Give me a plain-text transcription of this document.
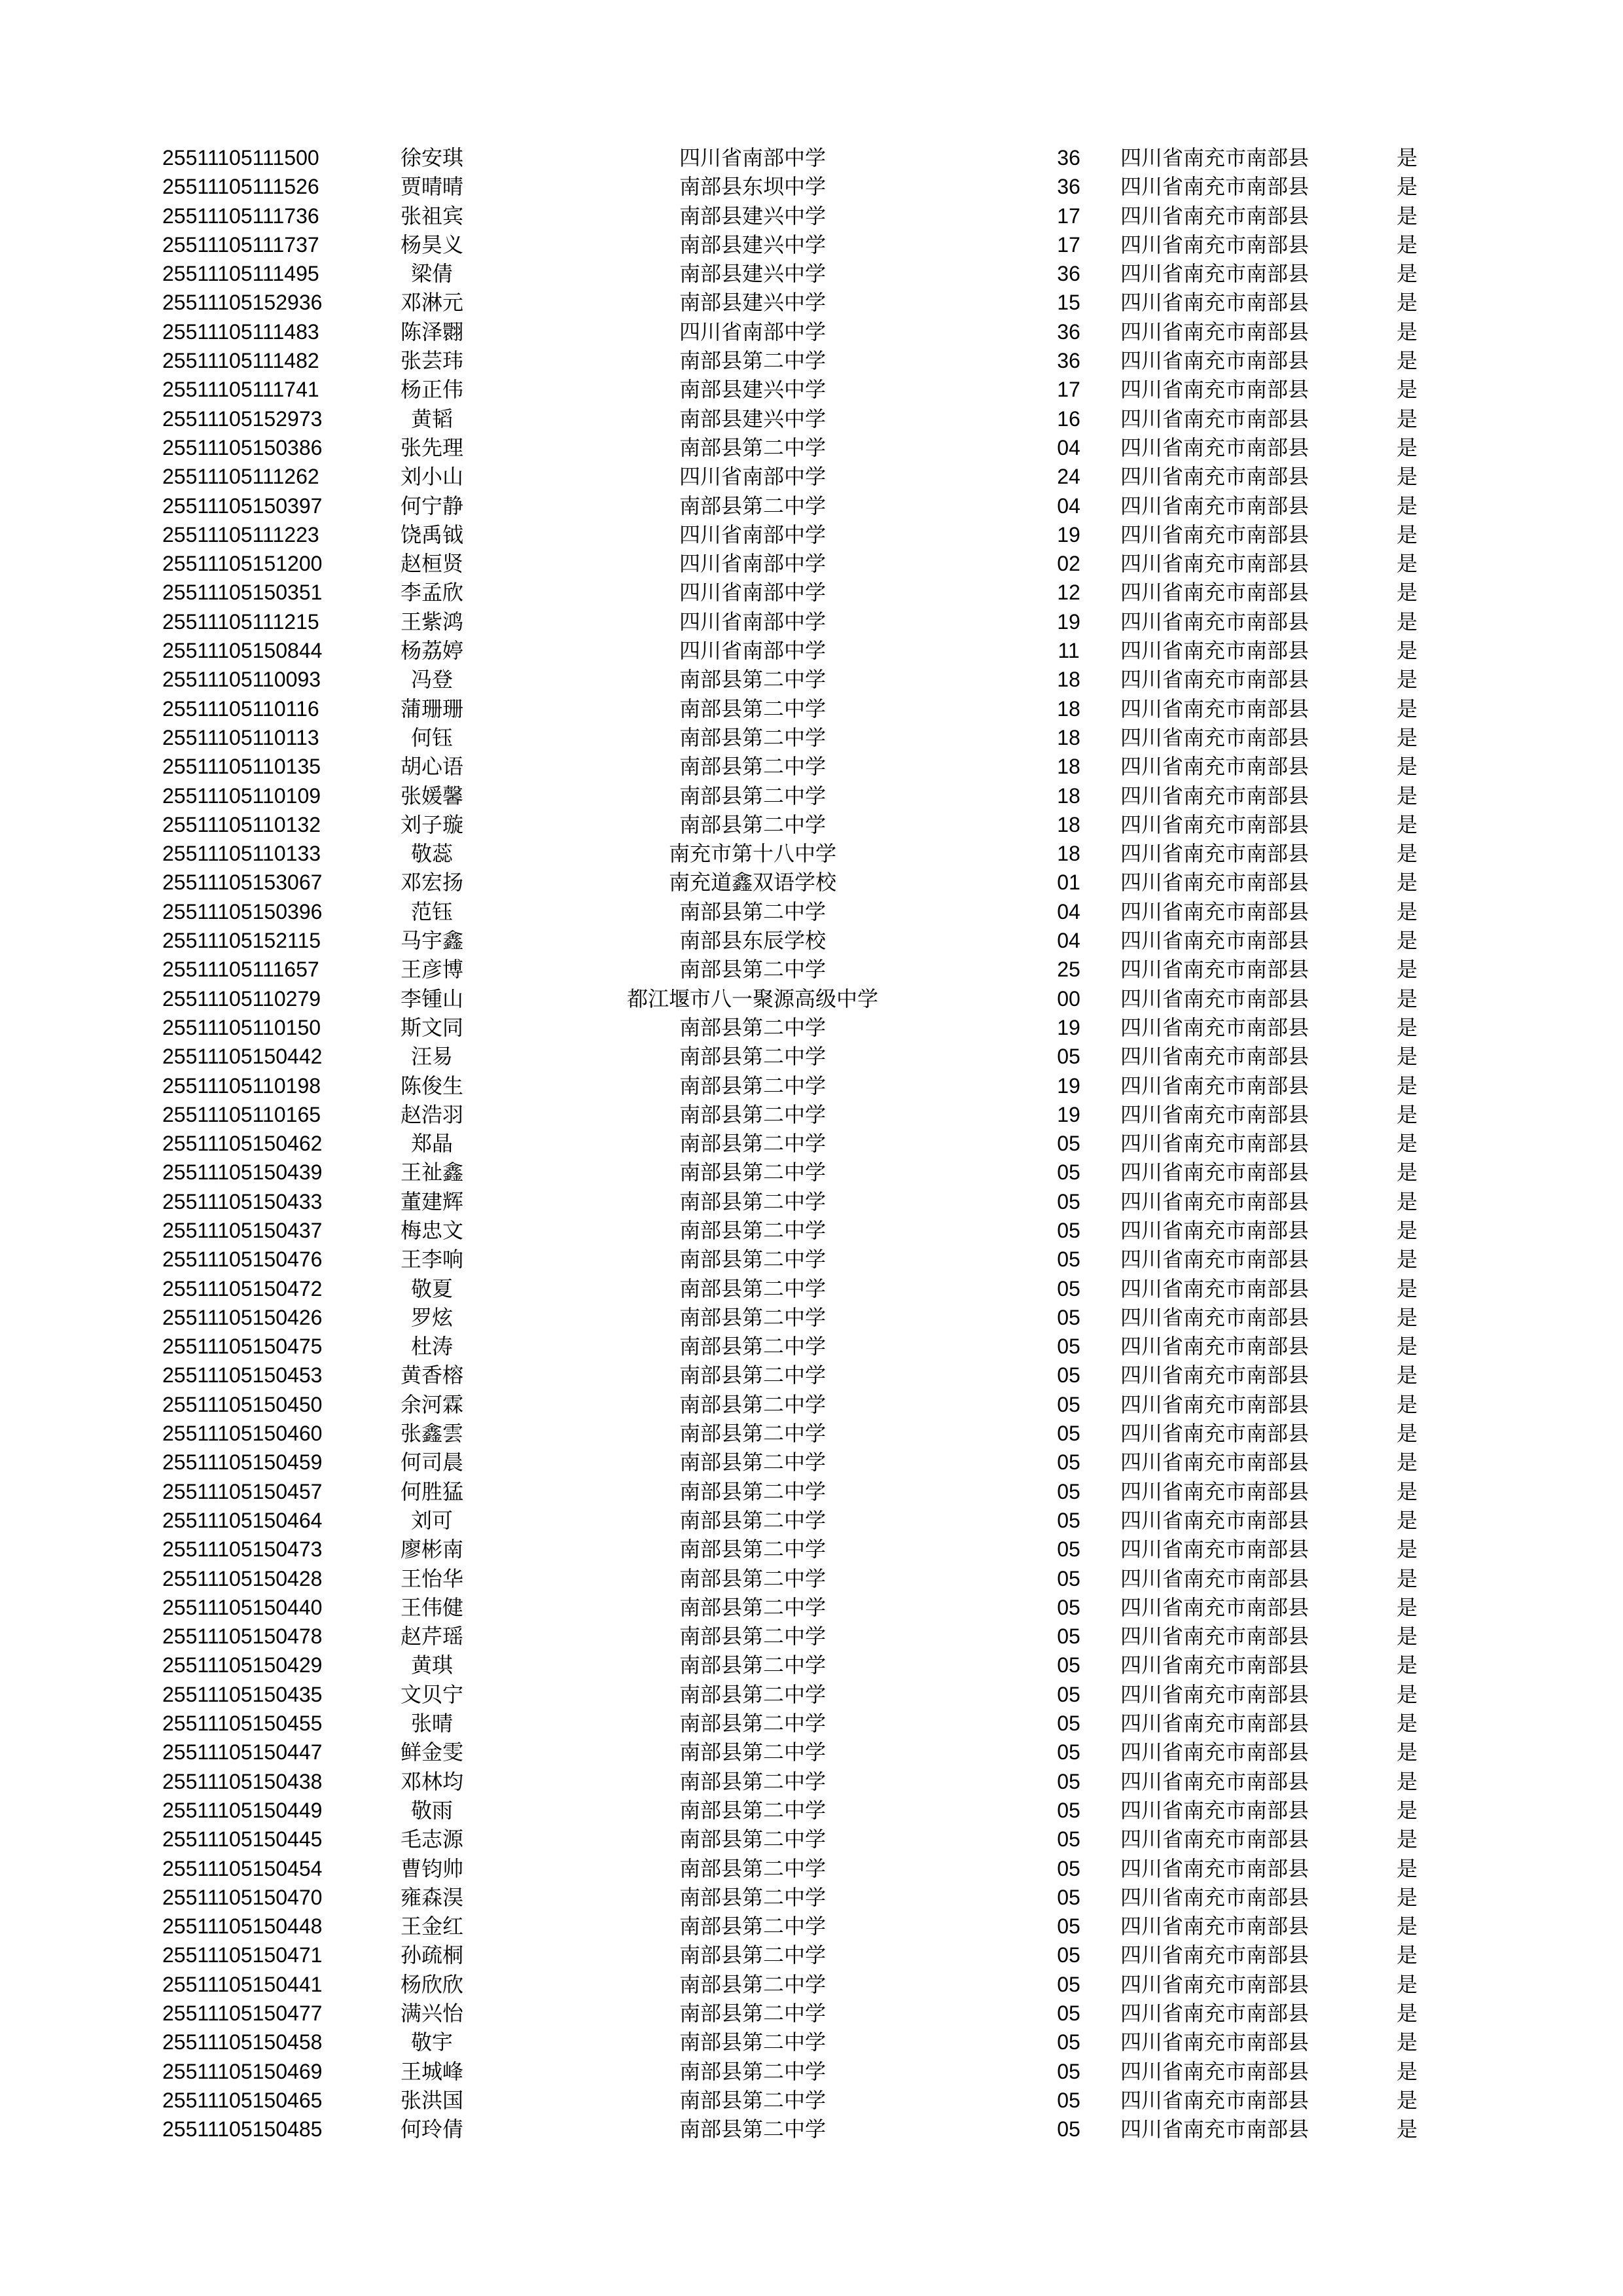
25511105111500	徐安琪	四川省南部中学	36	四川省南充市南部县	是
25511105111526	贾晴晴	南部县东坝中学	36	四川省南充市南部县	是
25511105111736	张祖宾	南部县建兴中学	17	四川省南充市南部县	是
25511105111737	杨昊义	南部县建兴中学	17	四川省南充市南部县	是
25511105111495	梁倩	南部县建兴中学	36	四川省南充市南部县	是
25511105152936	邓淋元	南部县建兴中学	15	四川省南充市南部县	是
25511105111483	陈泽翾	四川省南部中学	36	四川省南充市南部县	是
25511105111482	张芸玮	南部县第二中学	36	四川省南充市南部县	是
25511105111741	杨正伟	南部县建兴中学	17	四川省南充市南部县	是
25511105152973	黄韬	南部县建兴中学	16	四川省南充市南部县	是
25511105150386	张先理	南部县第二中学	04	四川省南充市南部县	是
25511105111262	刘小山	四川省南部中学	24	四川省南充市南部县	是
25511105150397	何宁静	南部县第二中学	04	四川省南充市南部县	是
25511105111223	饶禹钺	四川省南部中学	19	四川省南充市南部县	是
25511105151200	赵桓贤	四川省南部中学	02	四川省南充市南部县	是
25511105150351	李孟欣	四川省南部中学	12	四川省南充市南部县	是
25511105111215	王紫鸿	四川省南部中学	19	四川省南充市南部县	是
25511105150844	杨荔婷	四川省南部中学	11	四川省南充市南部县	是
25511105110093	冯登	南部县第二中学	18	四川省南充市南部县	是
25511105110116	蒲珊珊	南部县第二中学	18	四川省南充市南部县	是
25511105110113	何钰	南部县第二中学	18	四川省南充市南部县	是
25511105110135	胡心语	南部县第二中学	18	四川省南充市南部县	是
25511105110109	张媛馨	南部县第二中学	18	四川省南充市南部县	是
25511105110132	刘子璇	南部县第二中学	18	四川省南充市南部县	是
25511105110133	敬蕊	南充市第十八中学	18	四川省南充市南部县	是
25511105153067	邓宏扬	南充道鑫双语学校	01	四川省南充市南部县	是
25511105150396	范钰	南部县第二中学	04	四川省南充市南部县	是
25511105152115	马宇鑫	南部县东辰学校	04	四川省南充市南部县	是
25511105111657	王彦博	南部县第二中学	25	四川省南充市南部县	是
25511105110279	李锺山	都江堰市八一聚源高级中学	00	四川省南充市南部县	是
25511105110150	斯文同	南部县第二中学	19	四川省南充市南部县	是
25511105150442	汪易	南部县第二中学	05	四川省南充市南部县	是
25511105110198	陈俊生	南部县第二中学	19	四川省南充市南部县	是
25511105110165	赵浩羽	南部县第二中学	19	四川省南充市南部县	是
25511105150462	郑晶	南部县第二中学	05	四川省南充市南部县	是
25511105150439	王祉鑫	南部县第二中学	05	四川省南充市南部县	是
25511105150433	董建辉	南部县第二中学	05	四川省南充市南部县	是
25511105150437	梅忠文	南部县第二中学	05	四川省南充市南部县	是
25511105150476	王李响	南部县第二中学	05	四川省南充市南部县	是
25511105150472	敬夏	南部县第二中学	05	四川省南充市南部县	是
25511105150426	罗炫	南部县第二中学	05	四川省南充市南部县	是
25511105150475	杜涛	南部县第二中学	05	四川省南充市南部县	是
25511105150453	黄香榕	南部县第二中学	05	四川省南充市南部县	是
25511105150450	余河霖	南部县第二中学	05	四川省南充市南部县	是
25511105150460	张鑫雲	南部县第二中学	05	四川省南充市南部县	是
25511105150459	何司晨	南部县第二中学	05	四川省南充市南部县	是
25511105150457	何胜猛	南部县第二中学	05	四川省南充市南部县	是
25511105150464	刘可	南部县第二中学	05	四川省南充市南部县	是
25511105150473	廖彬南	南部县第二中学	05	四川省南充市南部县	是
25511105150428	王怡华	南部县第二中学	05	四川省南充市南部县	是
25511105150440	王伟健	南部县第二中学	05	四川省南充市南部县	是
25511105150478	赵芹瑶	南部县第二中学	05	四川省南充市南部县	是
25511105150429	黄琪	南部县第二中学	05	四川省南充市南部县	是
25511105150435	文贝宁	南部县第二中学	05	四川省南充市南部县	是
25511105150455	张晴	南部县第二中学	05	四川省南充市南部县	是
25511105150447	鲜金雯	南部县第二中学	05	四川省南充市南部县	是
25511105150438	邓林均	南部县第二中学	05	四川省南充市南部县	是
25511105150449	敬雨	南部县第二中学	05	四川省南充市南部县	是
25511105150445	毛志源	南部县第二中学	05	四川省南充市南部县	是
25511105150454	曹钧帅	南部县第二中学	05	四川省南充市南部县	是
25511105150470	雍森淏	南部县第二中学	05	四川省南充市南部县	是
25511105150448	王金红	南部县第二中学	05	四川省南充市南部县	是
25511105150471	孙疏桐	南部县第二中学	05	四川省南充市南部县	是
25511105150441	杨欣欣	南部县第二中学	05	四川省南充市南部县	是
25511105150477	满兴怡	南部县第二中学	05	四川省南充市南部县	是
25511105150458	敬宇	南部县第二中学	05	四川省南充市南部县	是
25511105150469	王城峰	南部县第二中学	05	四川省南充市南部县	是
25511105150465	张洪国	南部县第二中学	05	四川省南充市南部县	是
25511105150485	何玲倩	南部县第二中学	05	四川省南充市南部县	是
